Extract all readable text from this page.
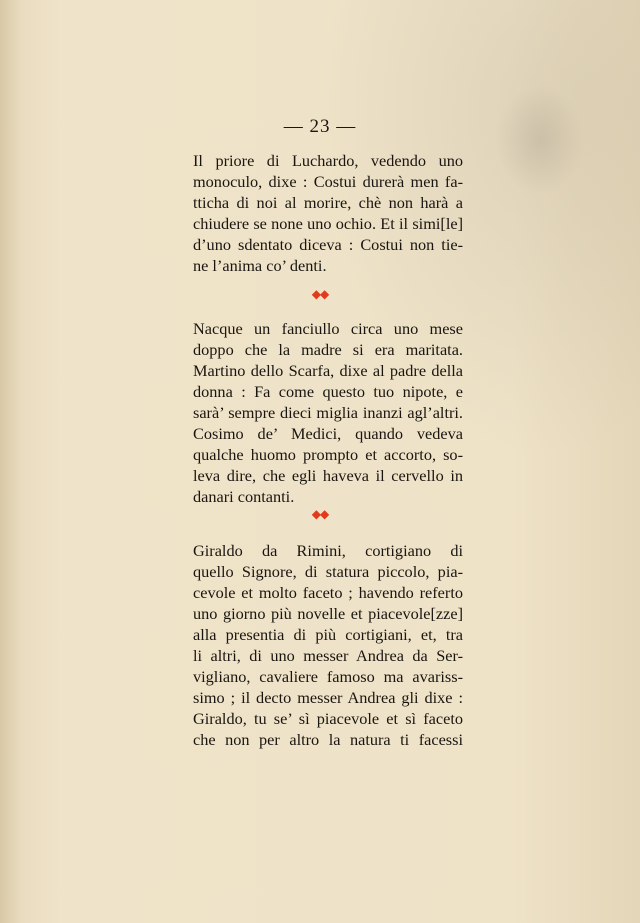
— 23 —
Il priore di Luchardo, vedendo uno
monoculo, dixe : Costui durerà men fa-
tticha di noi al morire, chè non harà a
chiudere se none uno ochio. Et il simi[le]
d’uno sdentato diceva : Costui non tie-
ne l’anima co’ denti.
◆◆
Nacque un fanciullo circa uno mese
doppo che la madre si era maritata.
Martino dello Scarfa, dixe al padre della
donna : Fa come questo tuo nipote, e
sarà’ sempre dieci miglia inanzi agl’altri.
Cosimo de’ Medici, quando vedeva
qualche huomo prompto et accorto, so-
leva dire, che egli haveva il cervello in
danari contanti.
◆◆
Giraldo da Rimini, cortigiano di
quello Signore, di statura piccolo, pia-
cevole et molto faceto ; havendo referto
uno giorno più novelle et piacevole[zze]
alla presentia di più cortigiani, et, tra
li altri, di uno messer Andrea da Ser-
vigliano, cavaliere famoso ma avariss-
simo ; il decto messer Andrea gli dixe :
Giraldo, tu se’ sì piacevole et sì faceto
che non per altro la natura ti facessi
